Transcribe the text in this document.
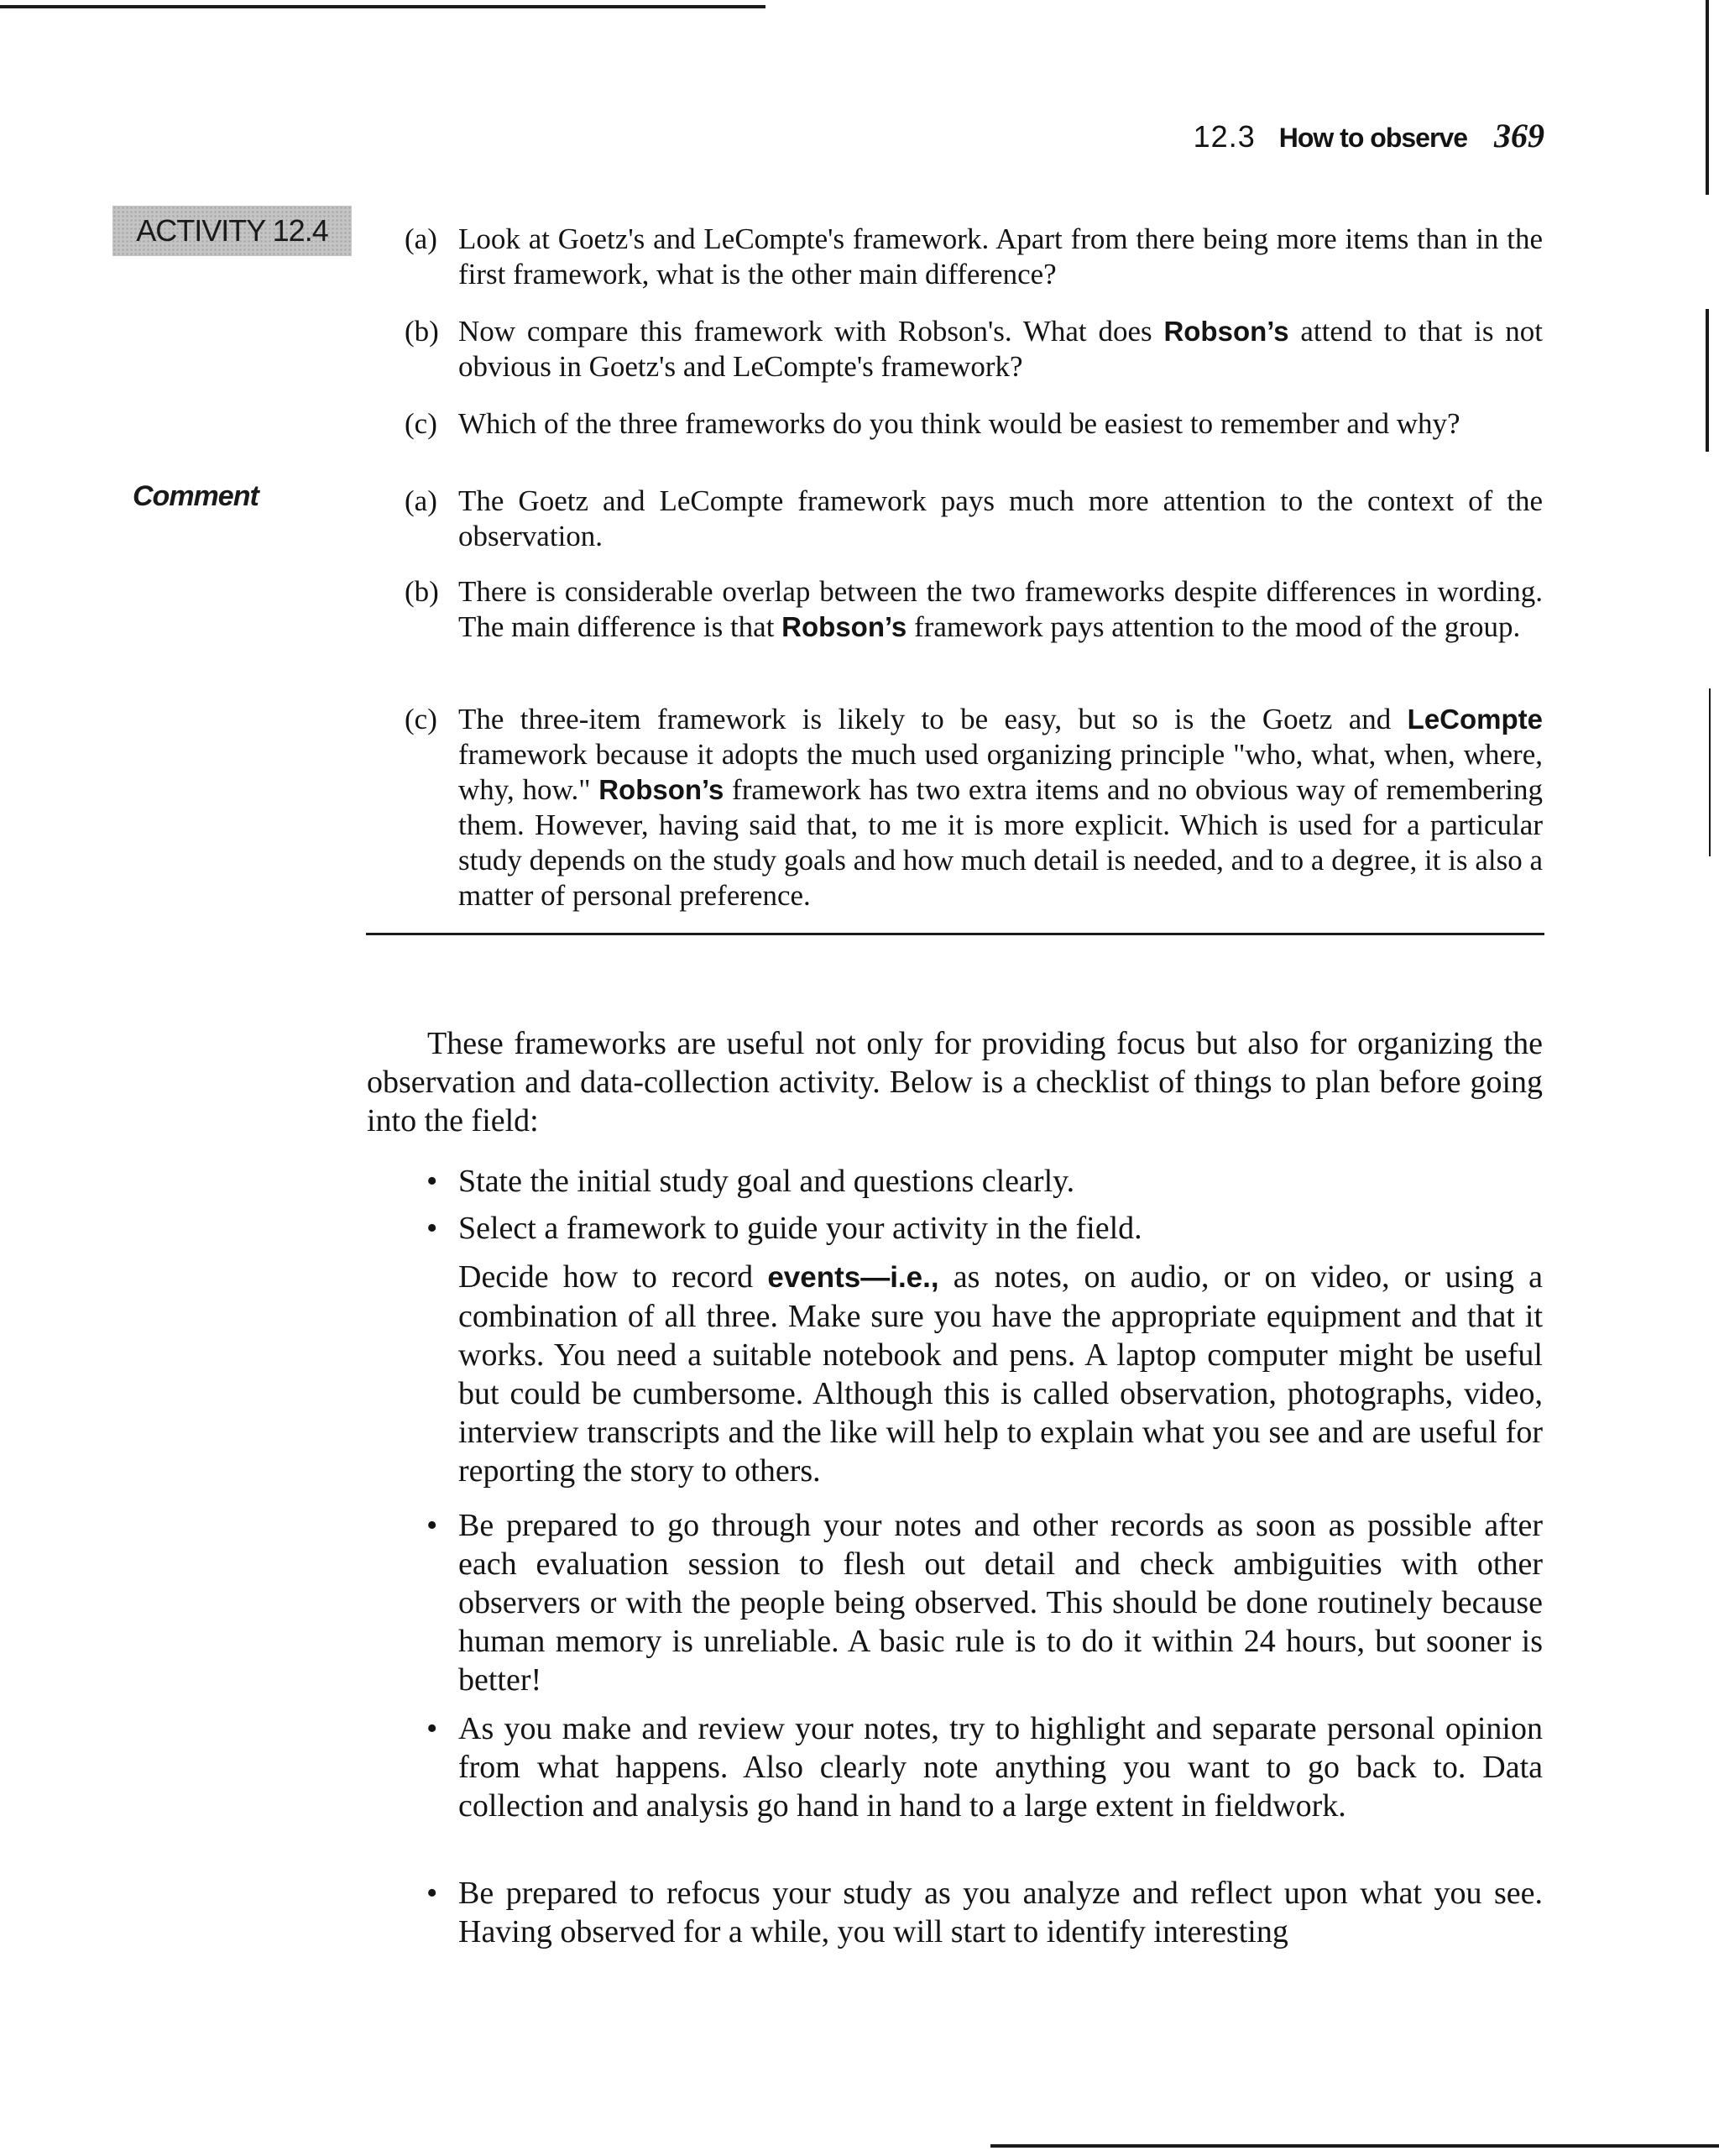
12.3 How to observe 369
ACTIVITY 12.4	(a) Look at Goetz's and LeCompte's framework. Apart from there being more items than in the first framework, what is the other main difference?
(b) Now compare this framework with Robson's. What does Robson’s attend to that is not obvious in Goetz's and LeCompte's framework?
(c) Which of the three frameworks do you think would be easiest to remember and why?
Comment	(a) The Goetz and LeCompte framework pays much more attention to the context of the observation.
(b) There is considerable overlap between the two frameworks despite differences in wording. The main difference is that Robson’s framework pays attention to the mood of the group.
(c) The three-item framework is likely to be easy, but so is the Goetz and LeCompte framework because it adopts the much used organizing principle "who, what, when, where, why, how." Robson’s framework has two extra items and no obvious way of remembering them. However, having said that, to me it is more explicit. Which is used for a particular study depends on the study goals and how much detail is needed, and to a degree, it is also a matter of personal preference.
These frameworks are useful not only for providing focus but also for organizing the observation and data-collection activity. Below is a checklist of things to plan before going into the field:
• State the initial study goal and questions clearly.
• Select a framework to guide your activity in the field.
Decide how to record events—i.e., as notes, on audio, or on video, or using a combination of all three. Make sure you have the appropriate equipment and that it works. You need a suitable notebook and pens. A laptop computer might be useful but could be cumbersome. Although this is called observation, photographs, video, interview transcripts and the like will help to explain what you see and are useful for reporting the story to others.
• Be prepared to go through your notes and other records as soon as possible after each evaluation session to flesh out detail and check ambiguities with other observers or with the people being observed. This should be done routinely because human memory is unreliable. A basic rule is to do it within 24 hours, but sooner is better!
• As you make and review your notes, try to highlight and separate personal opinion from what happens. Also clearly note anything you want to go back to. Data collection and analysis go hand in hand to a large extent in fieldwork.
• Be prepared to refocus your study as you analyze and reflect upon what you see. Having observed for a while, you will start to identify interesting
